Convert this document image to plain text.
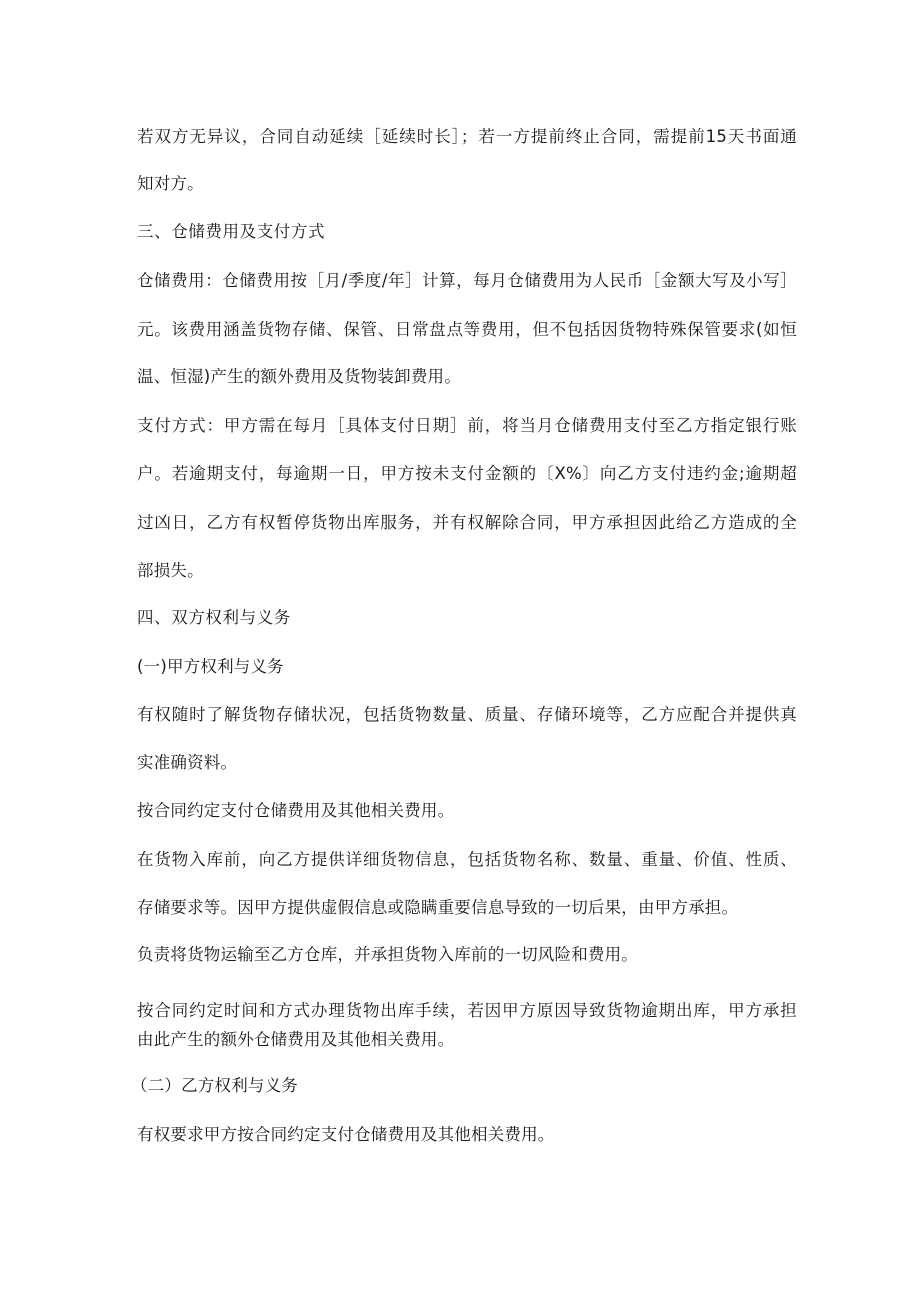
若双方无异议，合同自动延续［延续时长］；若一方提前终止合同，需提前15天书面通
知对方。
三、仓储费用及支付方式
仓储费用：仓储费用按［月/季度/年］计算，每月仓储费用为人民币［金额大写及小写］
元。该费用涵盖货物存储、保管、日常盘点等费用，但不包括因货物特殊保管要求(如恒
温、恒湿)产生的额外费用及货物装卸费用。
支付方式：甲方需在每月［具体支付日期］前，将当月仓储费用支付至乙方指定银行账
户。若逾期支付，每逾期一日，甲方按未支付金额的〔X%〕向乙方支付违约金;逾期超
过凶日，乙方有权暂停货物出库服务，并有权解除合同，甲方承担因此给乙方造成的全
部损失。
四、双方权利与义务
(一)甲方权利与义务
有权随时了解货物存储状况，包括货物数量、质量、存储环境等，乙方应配合并提供真
实准确资料。
按合同约定支付仓储费用及其他相关费用。
在货物入库前，向乙方提供详细货物信息，包括货物名称、数量、重量、价值、性质、
存储要求等。因甲方提供虚假信息或隐瞒重要信息导致的一切后果，由甲方承担。
负责将货物运输至乙方仓库，并承担货物入库前的一切风险和费用。
按合同约定时间和方式办理货物出库手续，若因甲方原因导致货物逾期出库，甲方承担
由此产生的额外仓储费用及其他相关费用。
（二）乙方权利与义务
有权要求甲方按合同约定支付仓储费用及其他相关费用。
